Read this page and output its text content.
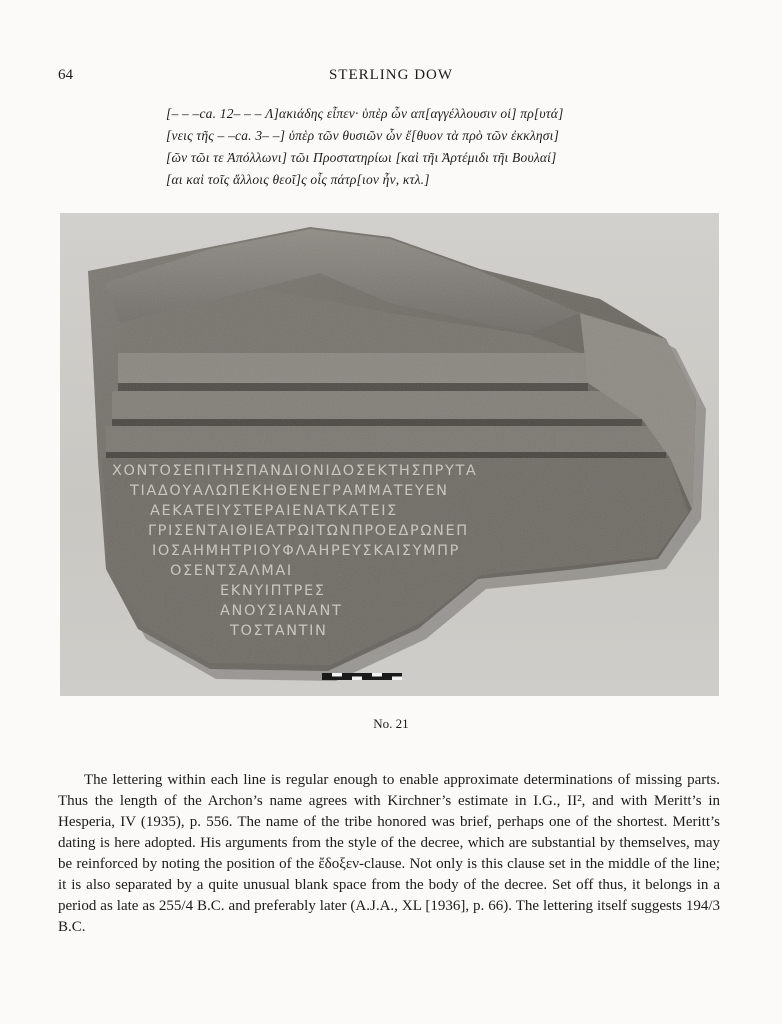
64	STERLING DOW
[– – –ca. 12– – – Λ]ακιάδης εἶπεν· ὑπὲρ ὧν απ[αγγέλλουσιν οἱ] πρ[υτά]
[νεις τῆς – –ca. 3– –] ὑπὲρ τῶν θυσιῶν ὧν ἔ[θυον τὰ πρὸ τῶν ἐκκλησι]
[ῶν τῶι τε Ἀπόλλωνι] τῶι Προστατηρίωι [καὶ τῆι Ἀρτέμιδι τῆι Βουλαί]
[αι καὶ τοῖς ἄλλοις θεοῖ]ς οἷς πάτρ[ιον ἦν, κτλ.]
ΧΟΝΤΟΣΕΠΙΤΗΣΠΑΝΔΙΟΝΙΔΟΣΕΚΤΗΣΠΡΥΤΑ
ΤΙΑΔΟΥΑΛΩΠΕΚΗΘΕΝΕΓΡΑΜΜΑΤΕΥΕΝ
ΑΕΚΑΤΕΙΥΣΤΕΡΑΙΕΝΑΤΚΑΤΕΙΣ
ΓΡΙΣΕΝΤΑΙΘΙΕΑΤΡΩΙΤΩΝΠΡΟΕΔΡΩΝΕΠ
ΙΟΣΑΗΜΗΤΡΙΟΥΦΛΑΗΡΕΥΣΚΑΙΣΥΜΠΡ
ΟΣΕΝΤΣΑΛΜΑΙ
ΕΚΝΥΙΠΤΡΕΣ
ΑΝΟΥΣΙΑΝΑΝΤ
ΤΟΣΤΑΝΤΙΝ
No. 21

The lettering within each line is regular enough to enable approximate determinations of missing parts. Thus the length of the Archon’s name agrees with Kirchner’s estimate in I.G., II², and with Meritt’s in Hesperia, IV (1935), p. 556. The name of the tribe honored was brief, perhaps one of the shortest. Meritt’s dating is here adopted. His arguments from the style of the decree, which are substantial by themselves, may be reinforced by noting the position of the ἔδοξεν-clause. Not only is this clause set in the middle of the line; it is also separated by a quite unusual blank space from the body of the decree. Set off thus, it belongs in a period as late as 255/4 B.C. and preferably later (A.J.A., XL [1936], p. 66). The lettering itself suggests 194/3 B.C.
